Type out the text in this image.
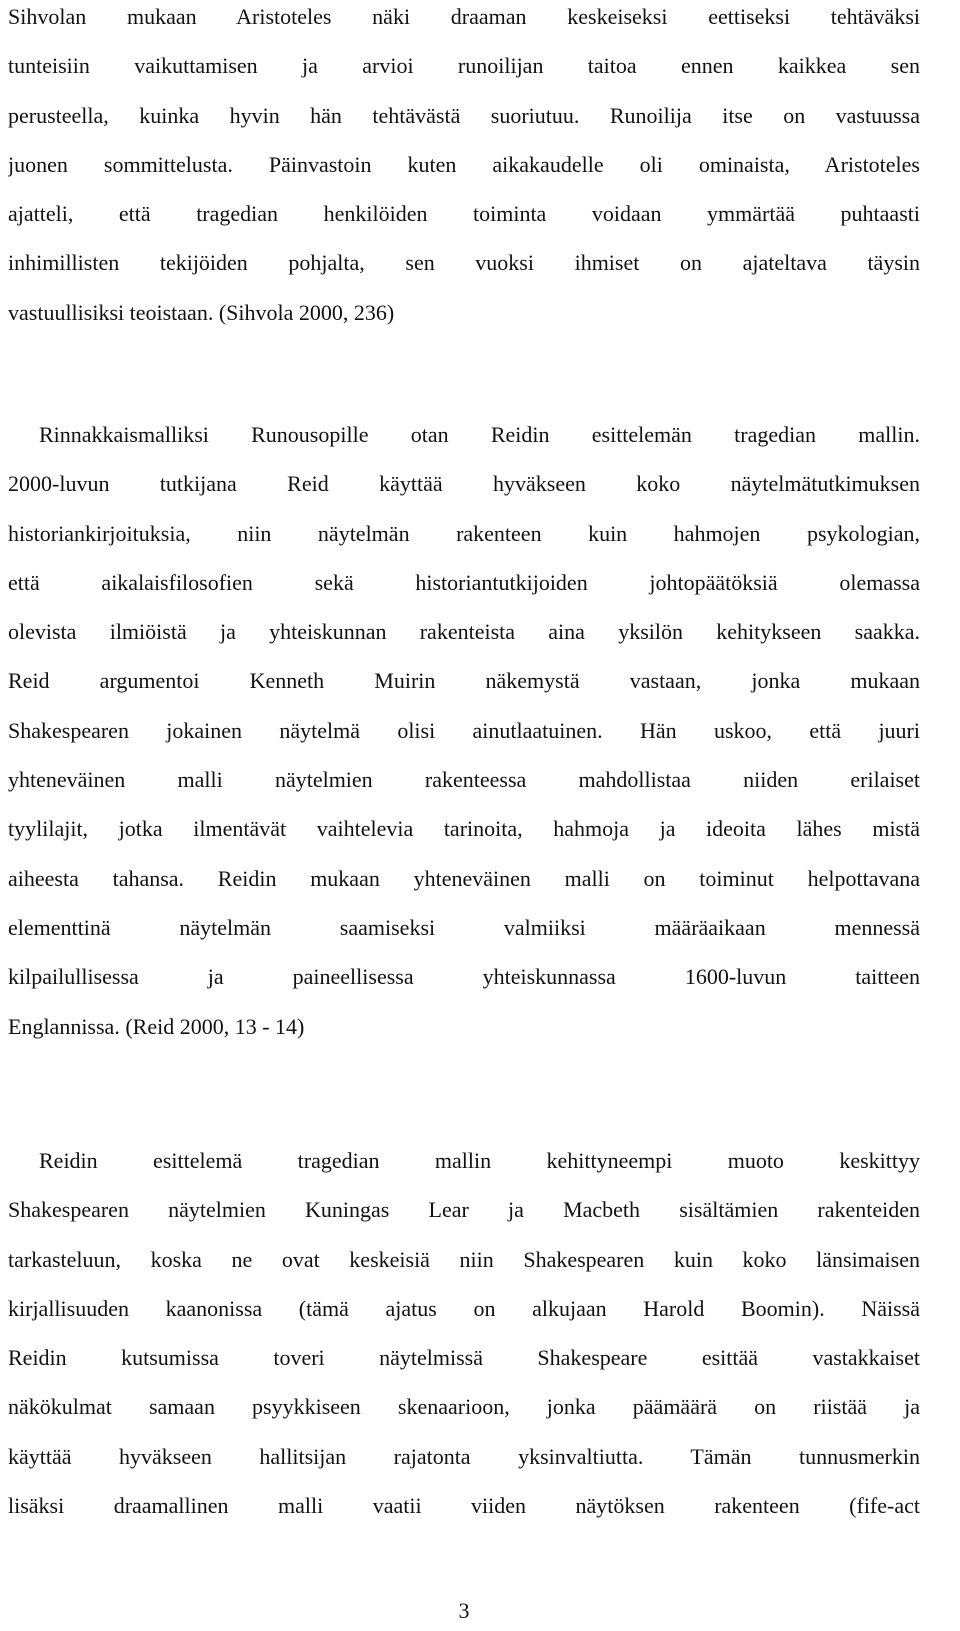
Sihvolan mukaan Aristoteles näki draaman keskeiseksi eettiseksi tehtäväksi
tunteisiin vaikuttamisen ja arvioi runoilijan taitoa ennen kaikkea sen
perusteella, kuinka hyvin hän tehtävästä suoriutuu. Runoilija itse on vastuussa
juonen sommittelusta. Päinvastoin kuten aikakaudelle oli ominaista, Aristoteles
ajatteli, että tragedian henkilöiden toiminta voidaan ymmärtää puhtaasti
inhimillisten tekijöiden pohjalta, sen vuoksi ihmiset on ajateltava täysin
vastuullisiksi teoistaan. (Sihvola 2000, 236)
Rinnakkaismalliksi Runousopille otan Reidin esittelemän tragedian mallin.
2000-luvun tutkijana Reid käyttää hyväkseen koko näytelmätutkimuksen
historiankirjoituksia, niin näytelmän rakenteen kuin hahmojen psykologian,
että aikalaisfilosofien sekä historiantutkijoiden johtopäätöksiä olemassa
olevista ilmiöistä ja yhteiskunnan rakenteista aina yksilön kehitykseen saakka.
Reid argumentoi Kenneth Muirin näkemystä vastaan, jonka mukaan
Shakespearen jokainen näytelmä olisi ainutlaatuinen. Hän uskoo, että juuri
yhteneväinen malli näytelmien rakenteessa mahdollistaa niiden erilaiset
tyylilajit, jotka ilmentävät vaihtelevia tarinoita, hahmoja ja ideoita lähes mistä
aiheesta tahansa. Reidin mukaan yhteneväinen malli on toiminut helpottavana
elementtinä näytelmän saamiseksi valmiiksi määräaikaan mennessä
kilpailullisessa ja paineellisessa yhteiskunnassa 1600-luvun taitteen
Englannissa. (Reid 2000, 13 - 14)
Reidin esittelemä tragedian mallin kehittyneempi muoto keskittyy
Shakespearen näytelmien Kuningas Lear ja Macbeth sisältämien rakenteiden
tarkasteluun, koska ne ovat keskeisiä niin Shakespearen kuin koko länsimaisen
kirjallisuuden kaanonissa (tämä ajatus on alkujaan Harold Boomin). Näissä
Reidin kutsumissa toveri näytelmissä Shakespeare esittää vastakkaiset
näkökulmat samaan psyykkiseen skenaarioon, jonka päämäärä on riistää ja
käyttää hyväkseen hallitsijan rajatonta yksinvaltiutta. Tämän tunnusmerkin
lisäksi draamallinen malli vaatii viiden näytöksen rakenteen (fife-act
3
